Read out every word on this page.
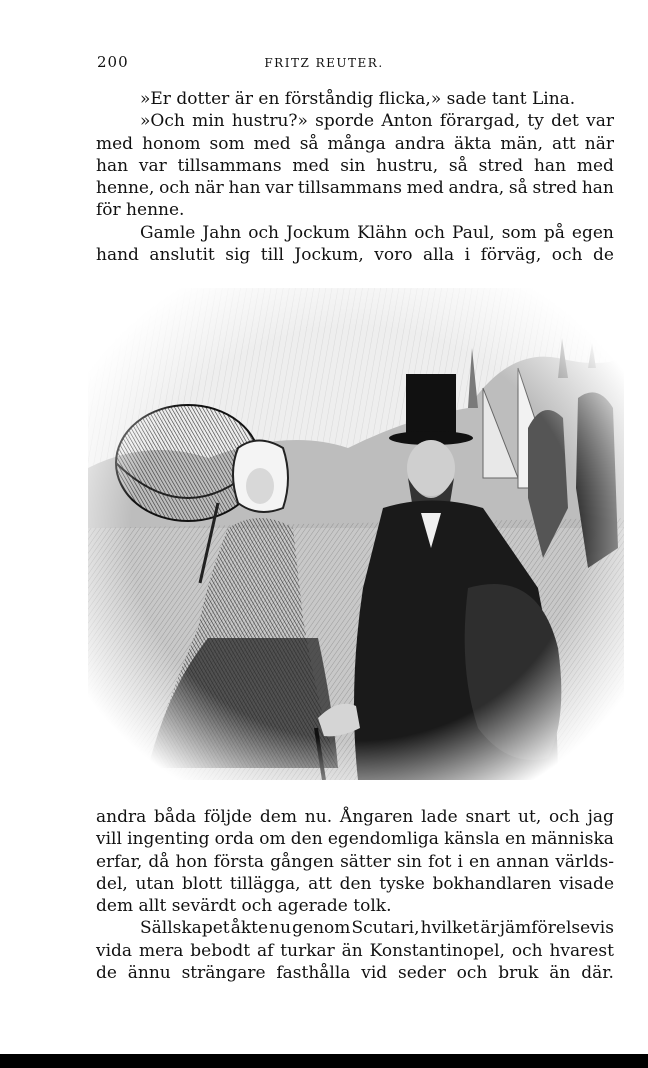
200	FRITZ REUTER.
»Er dotter är en förståndig flicka,» sade tant Lina.
»Och min hustru?» sporde Anton förargad, ty det var
med honom som med så många andra äkta män, att när
han var tillsammans med sin hustru, så stred han med
henne, och när han var tillsammans med andra, så stred han
för henne.
Gamle Jahn och Jockum Klähn och Paul, som på egen
hand anslutit sig till Jockum, voro alla i förväg, och de
andra båda följde dem nu. Ångaren lade snart ut, och jag
vill ingenting orda om den egendomliga känsla en människa
erfar, då hon första gången sätter sin fot i en annan världs-
del, utan blott tillägga, att den tyske bokhandlaren visade
dem allt sevärdt och agerade tolk.
Sällskapet åkte nu genom Scutari, hvilket är jämförelsevis
vida mera bebodt af turkar än Konstantinopel, och hvarest
de ännu strängare fasthålla vid seder och bruk än där.
